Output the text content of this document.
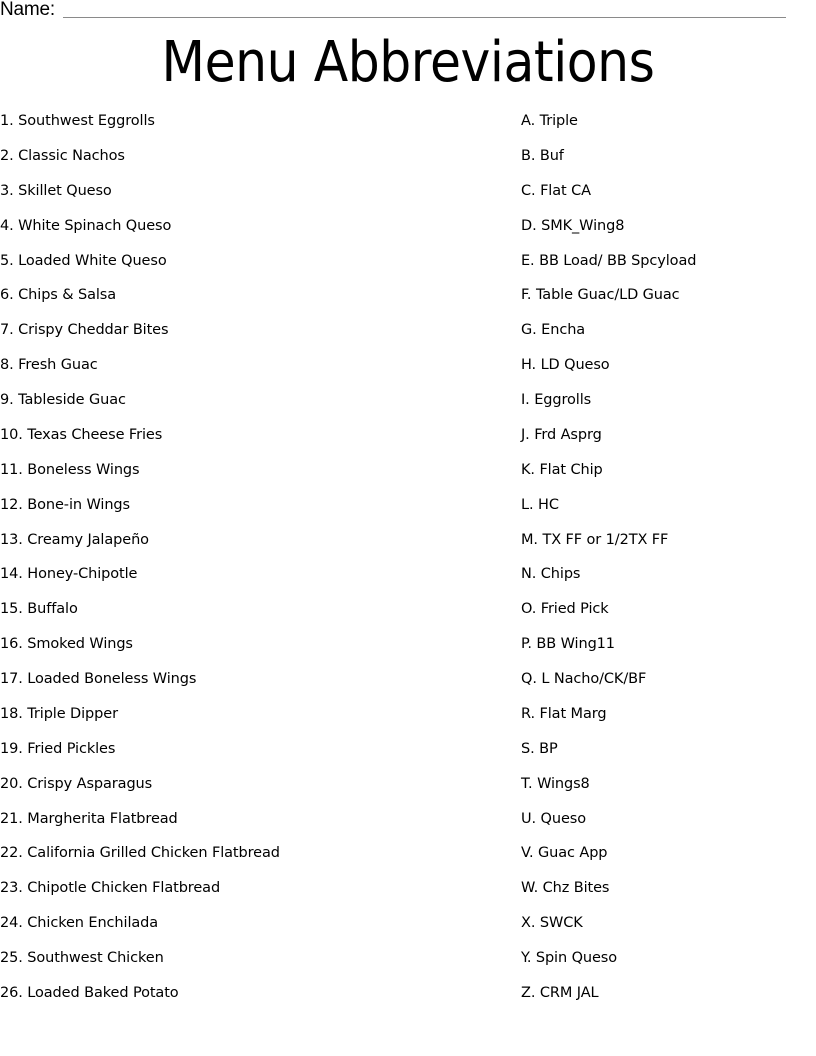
Name:
Menu Abbreviations
1. Southwest Eggrolls
2. Classic Nachos
3. Skillet Queso
4. White Spinach Queso
5. Loaded White Queso
6. Chips & Salsa
7. Crispy Cheddar Bites
8. Fresh Guac
9. Tableside Guac
10. Texas Cheese Fries
11. Boneless Wings
12. Bone-in Wings
13. Creamy Jalapeño
14. Honey-Chipotle
15. Buffalo
16. Smoked Wings
17. Loaded Boneless Wings
18. Triple Dipper
19. Fried Pickles
20. Crispy Asparagus
21. Margherita Flatbread
22. California Grilled Chicken Flatbread
23. Chipotle Chicken Flatbread
24. Chicken Enchilada
25. Southwest Chicken
26. Loaded Baked Potato
A. Triple
B. Buf
C. Flat CA
D. SMK_Wing8
E. BB Load/ BB Spcyload
F. Table Guac/LD Guac
G. Encha
H. LD Queso
I. Eggrolls
J. Frd Asprg
K. Flat Chip
L. HC
M. TX FF or 1/2TX FF
N. Chips
O. Fried Pick
P. BB Wing11
Q. L Nacho/CK/BF
R. Flat Marg
S. BP
T. Wings8
U. Queso
V. Guac App
W. Chz Bites
X. SWCK
Y. Spin Queso
Z. CRM JAL
